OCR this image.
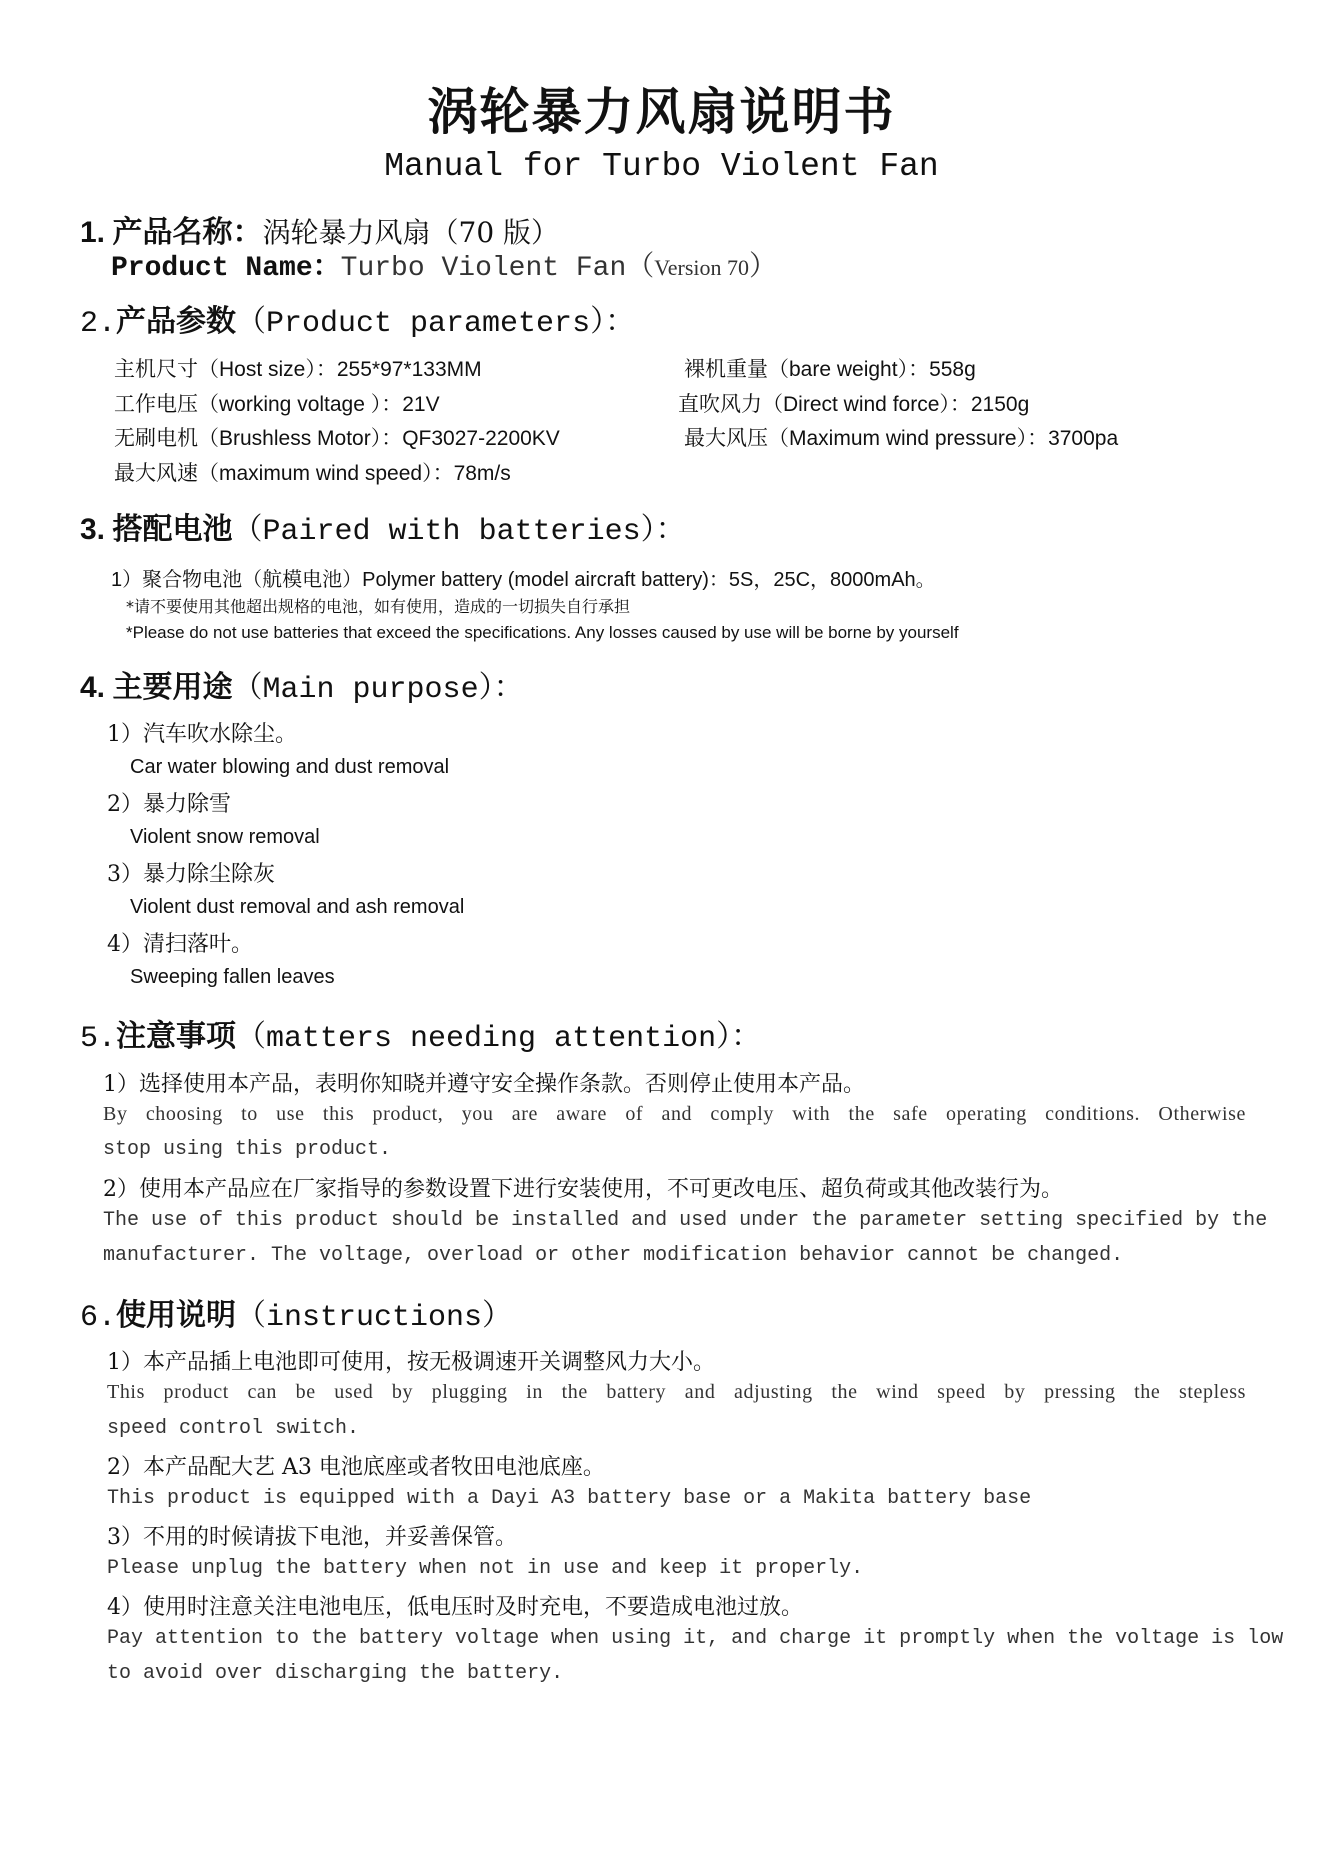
涡轮暴力风扇说明书
Manual for Turbo Violent Fan
1. 产品名称：涡轮暴力风扇（70 版）
Product Name：Turbo Violent Fan（Version 70）
2.产品参数（Product parameters）：
主机尺寸（Host size）：255*97*133MM	裸机重量（bare weight）：558g
工作电压（working voltage ）：21V	直吹风力（Direct wind force）：2150g
无刷电机（Brushless Motor）：QF3027-2200KV	最大风压（Maximum wind pressure）：3700pa
最大风速（maximum wind speed）：78m/s
3. 搭配电池（Paired with batteries）：
1）聚合物电池（航模电池）Polymer battery (model aircraft battery)：5S，25C，8000mAh。
*请不要使用其他超出规格的电池，如有使用，造成的一切损失自行承担
*Please do not use batteries that exceed the specifications. Any losses caused by use will be borne by yourself
4. 主要用途（Main purpose）：
1）汽车吹水除尘。
Car water blowing and dust removal
2）暴力除雪
Violent snow removal
3）暴力除尘除灰
Violent dust removal and ash removal
4）清扫落叶。
Sweeping fallen leaves
5.注意事项（matters needing attention）：
1）选择使用本产品，表明你知晓并遵守安全操作条款。否则停止使用本产品。
By choosing to use this product, you are aware of and comply with the safe operating conditions. Otherwise
stop using this product.
2）使用本产品应在厂家指导的参数设置下进行安装使用，不可更改电压、超负荷或其他改装行为。
The use of this product should be installed and used under the parameter setting specified by the
manufacturer. The voltage, overload or other modification behavior cannot be changed.
6.使用说明（instructions）
1）本产品插上电池即可使用，按无极调速开关调整风力大小。
This product can be used by plugging in the battery and adjusting the wind speed by pressing the stepless
speed control switch.
2）本产品配大艺 A3 电池底座或者牧田电池底座。
This product is equipped with a Dayi A3 battery base or a Makita battery base
3）不用的时候请拔下电池，并妥善保管。
Please unplug the battery when not in use and keep it properly.
4）使用时注意关注电池电压，低电压时及时充电，不要造成电池过放。
Pay attention to the battery voltage when using it, and charge it promptly when the voltage is low
to avoid over discharging the battery.
